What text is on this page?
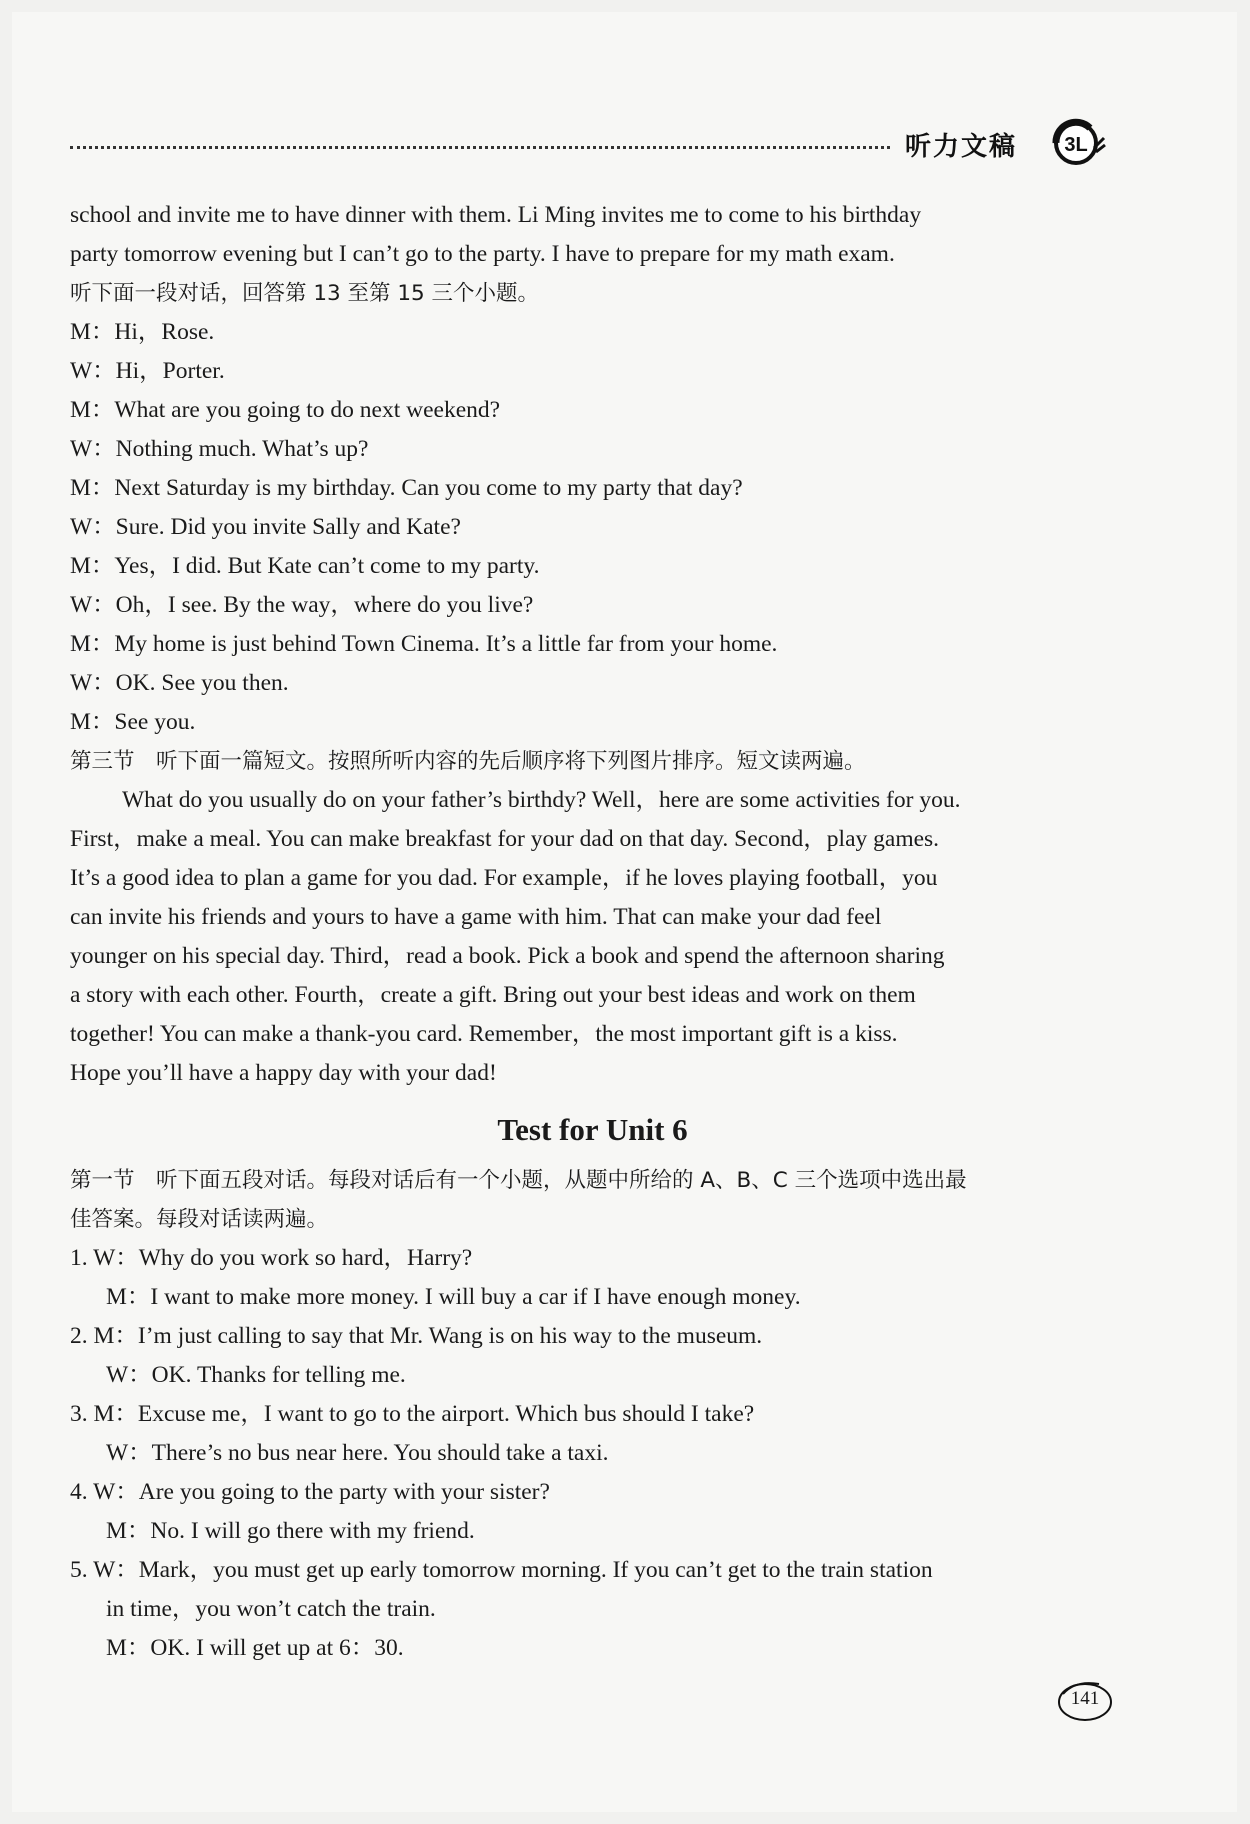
听力文稿 3L

school and invite me to have dinner with them. Li Ming invites me to come to his birthday

party tomorrow evening but I can’t go to the party. I have to prepare for my math exam.

听下面一段对话，回答第 13 至第 15 三个小题。

M：Hi，Rose.

W：Hi，Porter.

M：What are you going to do next weekend?

W：Nothing much. What’s up?

M：Next Saturday is my birthday. Can you come to my party that day?

W：Sure. Did you invite Sally and Kate?

M：Yes，I did. But Kate can’t come to my party.

W：Oh，I see. By the way，where do you live?

M：My home is just behind Town Cinema. It’s a little far from your home.

W：OK. See you then.

M：See you.

第三节　听下面一篇短文。按照所听内容的先后顺序将下列图片排序。短文读两遍。

What do you usually do on your father’s birthdy? Well，here are some activities for you.

First，make a meal. You can make breakfast for your dad on that day. Second，play games.

It’s a good idea to plan a game for you dad. For example，if he loves playing football，you

can invite his friends and yours to have a game with him. That can make your dad feel

younger on his special day. Third，read a book. Pick a book and spend the afternoon sharing

a story with each other. Fourth，create a gift. Bring out your best ideas and work on them

together! You can make a thank-you card. Remember，the most important gift is a kiss.

Hope you’ll have a happy day with your dad!

Test for Unit 6

第一节　听下面五段对话。每段对话后有一个小题，从题中所给的 A、B、C 三个选项中选出最

佳答案。每段对话读两遍。

1. W：Why do you work so hard，Harry?

M：I want to make more money. I will buy a car if I have enough money.

2. M：I’m just calling to say that Mr. Wang is on his way to the museum.

W：OK. Thanks for telling me.

3. M：Excuse me，I want to go to the airport. Which bus should I take?

W：There’s no bus near here. You should take a taxi.

4. W：Are you going to the party with your sister?

M：No. I will go there with my friend.

5. W：Mark，you must get up early tomorrow morning. If you can’t get to the train station

in time，you won’t catch the train.

M：OK. I will get up at 6：30.

141
